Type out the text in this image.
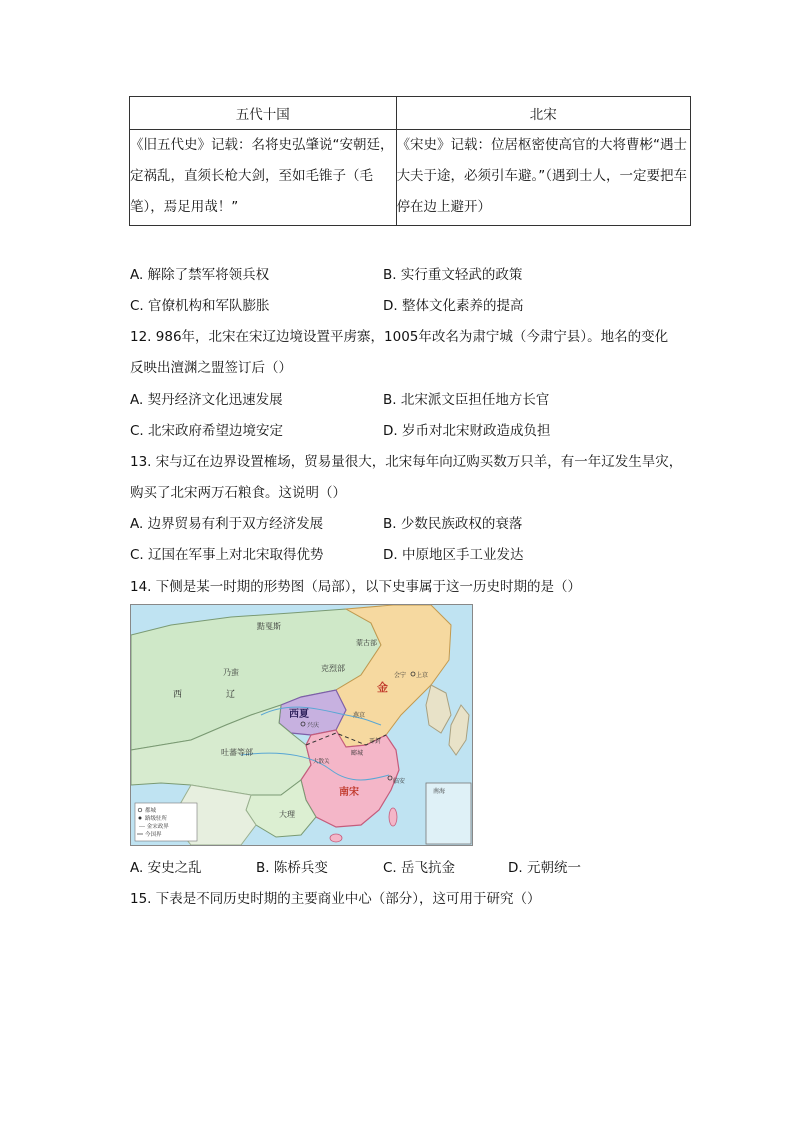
五代十国	北宋
《旧五代史》记载：名将史弘肇说“安朝廷，定祸乱，直须长枪大剑，至如毛锥子（毛笔），焉足用哉！”	《宋史》记载：位居枢密使高官的大将曹彬“遇士大夫于途，必须引车避。”（遇到士人，一定要把车停在边上避开）
A. 解除了禁军将领兵权	B. 实行重文轻武的政策
C. 官僚机构和军队膨胀	D. 整体文化素养的提高
12. 986年，北宋在宋辽边境设置平虏寨，1005年改名为肃宁城（今肃宁县）。地名的变化
反映出澶渊之盟签订后（）
A. 契丹经济文化迅速发展	B. 北宋派文臣担任地方长官
C. 北宋政府希望边境安定	D. 岁币对北宋财政造成负担
13. 宋与辽在边界设置榷场，贸易量很大，北宋每年向辽购买数万只羊，有一年辽发生旱灾，
购买了北宋两万石粮食。这说明（）
A. 边界贸易有利于双方经济发展	B. 少数民族政权的衰落
C. 辽国在军事上对北宋取得优势	D. 中原地区手工业发达
14. 下侧是某一时期的形势图（局部），以下史事属于这一历史时期的是（）
南海
都城
路级驻所
--- 金宋政界
今国界
黠戛斯
克烈部
蒙古部
乃蛮
西	辽
金
会宁 上京
西夏
兴庆
燕京
开封
郾城
大散关
临安
吐蕃等部
南宋
大理
A. 安史之乱	B. 陈桥兵变	C. 岳飞抗金	D. 元朝统一
15. 下表是不同历史时期的主要商业中心（部分），这可用于研究（）
